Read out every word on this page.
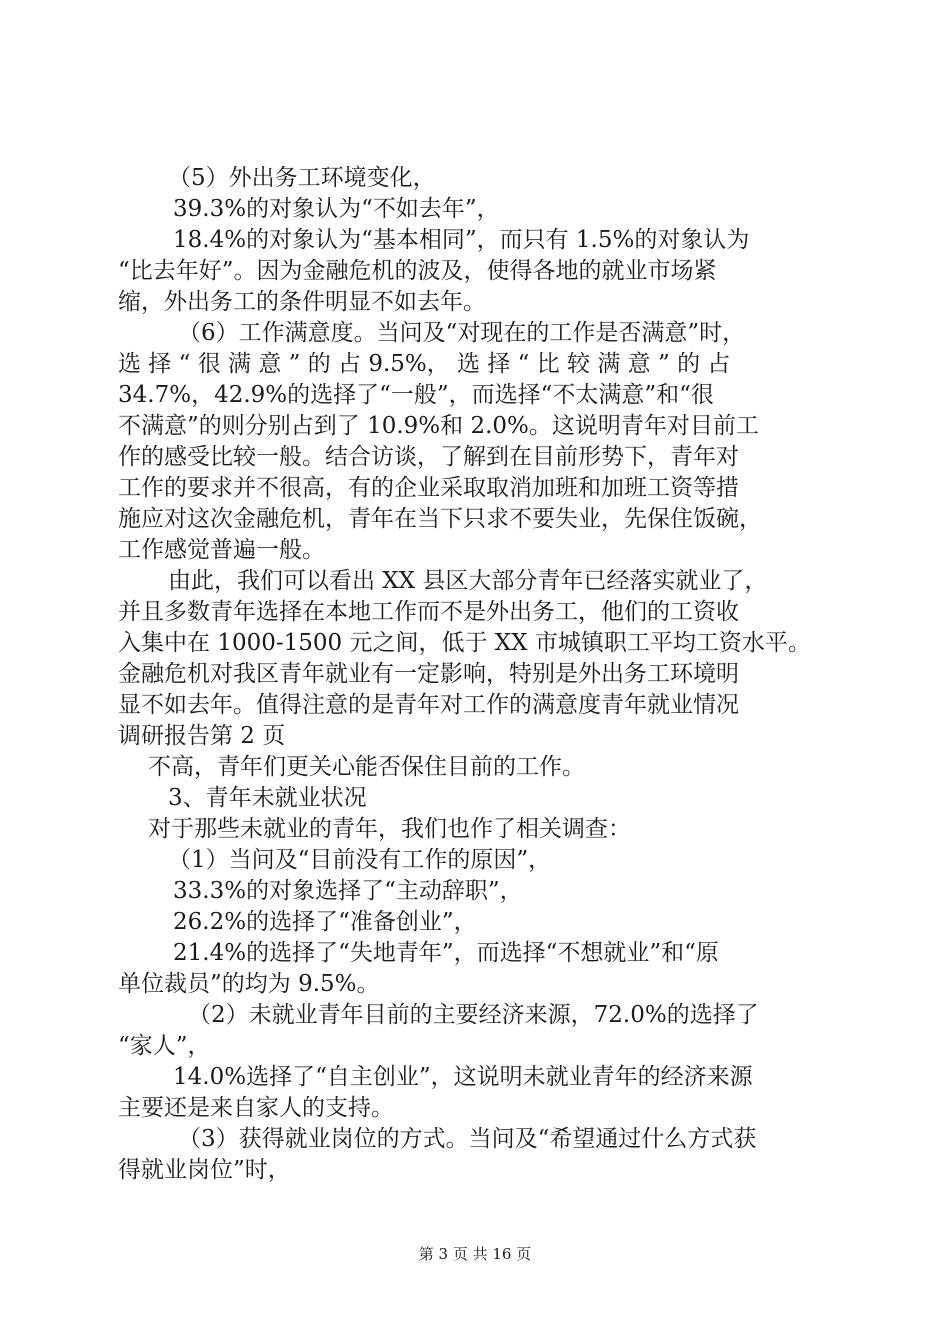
（5）外出务工环境变化，
39.3%的对象认为“不如去年”，
18.4%的对象认为“基本相同”，而只有 1.5%的对象认为
“比去年好”。因为金融危机的波及，使得各地的就业市场紧
缩，外出务工的条件明显不如去年。
（6）工作满意度。当问及“对现在的工作是否满意”时，
选 择 “ 很 满 意 ” 的 占 9.5%， 选 择 “ 比 较 满 意 ” 的 占
34.7%，42.9%的选择了“一般”，而选择“不太满意”和“很
不满意”的则分别占到了 10.9%和 2.0%。这说明青年对目前工
作的感受比较一般。结合访谈，了解到在目前形势下，青年对
工作的要求并不很高，有的企业采取取消加班和加班工资等措
施应对这次金融危机，青年在当下只求不要失业，先保住饭碗，
工作感觉普遍一般。
由此，我们可以看出 XX 县区大部分青年已经落实就业了，
并且多数青年选择在本地工作而不是外出务工，他们的工资收
入集中在 1000-1500 元之间，低于 XX 市城镇职工平均工资水平。
金融危机对我区青年就业有一定影响，特别是外出务工环境明
显不如去年。值得注意的是青年对工作的满意度青年就业情况
调研报告第 2 页
不高，青年们更关心能否保住目前的工作。
3、青年未就业状况
对于那些未就业的青年，我们也作了相关调查：
（1）当问及“目前没有工作的原因”，
33.3%的对象选择了“主动辞职”，
26.2%的选择了“准备创业”，
21.4%的选择了“失地青年”，而选择“不想就业”和“原
单位裁员”的均为 9.5%。
（2）未就业青年目前的主要经济来源，72.0%的选择了
“家人”，
14.0%选择了“自主创业”，这说明未就业青年的经济来源
主要还是来自家人的支持。
（3）获得就业岗位的方式。当问及“希望通过什么方式获
得就业岗位”时，
第 3 页 共 16 页
